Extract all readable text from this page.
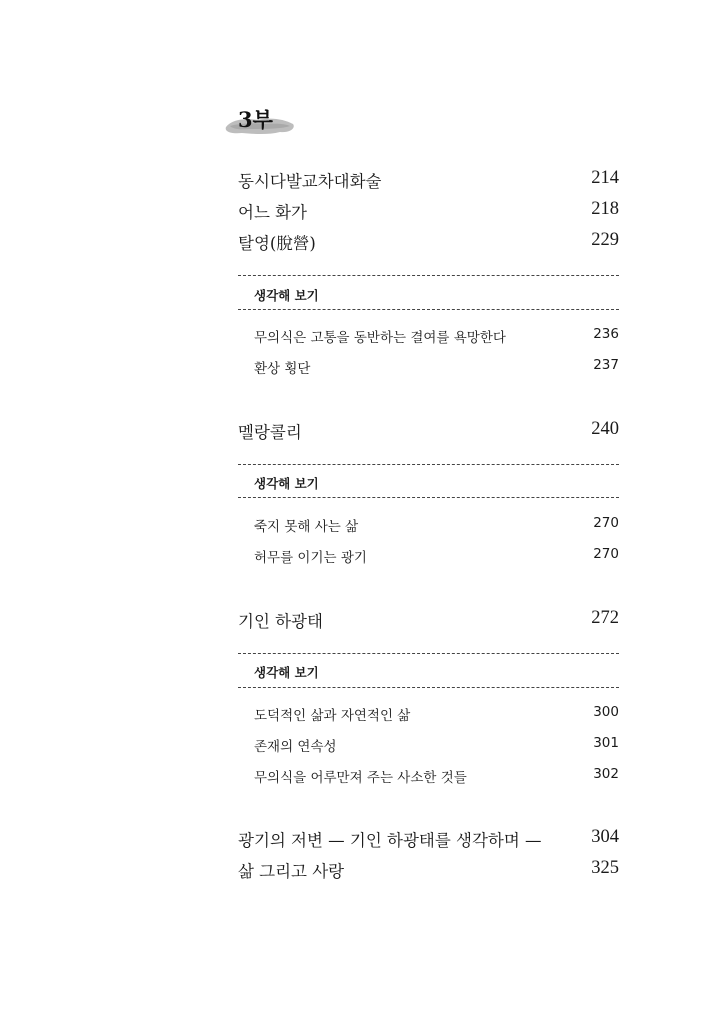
3부
동시다발교차대화술	214
어느 화가	218
탈영(脫營)	229
생각해 보기
무의식은 고통을 동반하는 결여를 욕망한다	236
환상 횡단	237
멜랑콜리	240
생각해 보기
죽지 못해 사는 삶	270
허무를 이기는 광기	270
기인 하광태	272
생각해 보기
도덕적인 삶과 자연적인 삶	300
존재의 연속성	301
무의식을 어루만져 주는 사소한 것들	302
광기의 저변 — 기인 하광태를 생각하며 —	304
삶 그리고 사랑	325
